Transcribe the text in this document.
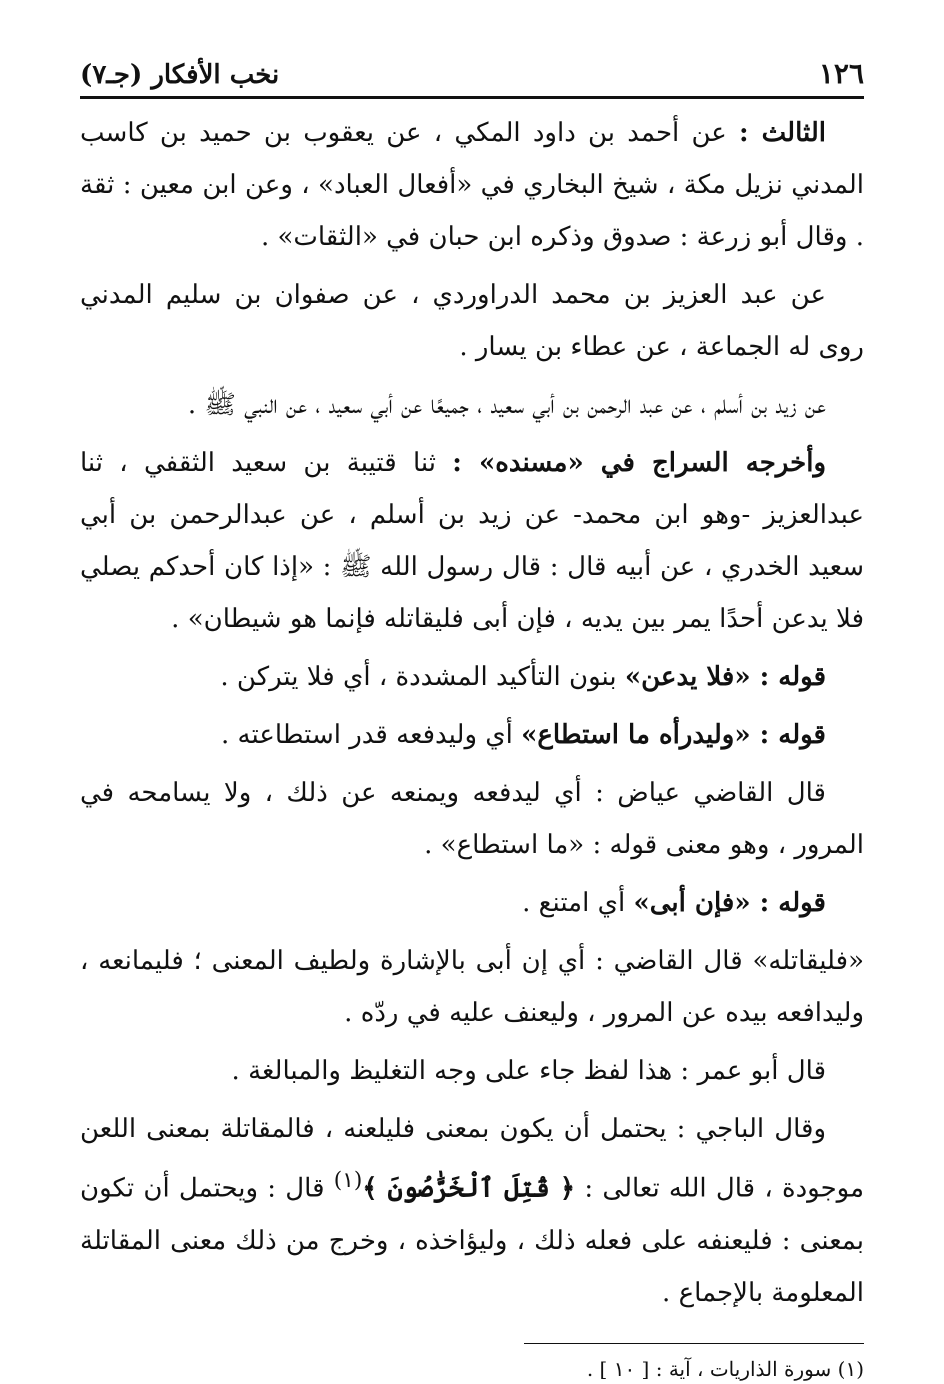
١٢٦
نخب الأفكار (جـ٧)

الثالث : عن أحمد بن داود المكي ، عن يعقوب بن حميد بن كاسب المدني نزيل مكة ، شيخ البخاري في «أفعال العباد» ، وعن ابن معين : ثقة . وقال أبو زرعة : صدوق وذكره ابن حبان في «الثقات» .

عن عبد العزيز بن محمد الدراوردي ، عن صفوان بن سليم المدني روى له الجماعة ، عن عطاء بن يسار .

عن زيد بن أسلم ، عن عبد الرحمن بن أبي سعيد ، جميعًا عن أبي سعيد ، عن النبي ﷺ .

وأخرجه السراج في «مسنده» : ثنا قتيبة بن سعيد الثقفي ، ثنا عبدالعزيز -وهو ابن محمد- عن زيد بن أسلم ، عن عبدالرحمن بن أبي سعيد الخدري ، عن أبيه قال : قال رسول الله ﷺ : «إذا كان أحدكم يصلي فلا يدعن أحدًا يمر بين يديه ، فإن أبى فليقاتله فإنما هو شيطان» .

قوله : «فلا يدعن» بنون التأكيد المشددة ، أي فلا يتركن .

قوله : «وليدرأه ما استطاع» أي وليدفعه قدر استطاعته .

قال القاضي عياض : أي ليدفعه ويمنعه عن ذلك ، ولا يسامحه في المرور ، وهو معنى قوله : «ما استطاع» .

قوله : «فإن أبى» أي امتنع .

«فليقاتله» قال القاضي : أي إن أبى بالإشارة ولطيف المعنى ؛ فليمانعه ، وليدافعه بيده عن المرور ، وليعنف عليه في ردّه .

قال أبو عمر : هذا لفظ جاء على وجه التغليظ والمبالغة .

وقال الباجي : يحتمل أن يكون بمعنى فليلعنه ، فالمقاتلة بمعنى اللعن موجودة ، قال الله تعالى : ﴿ قُتِلَ ٱلْخَرَّٰصُونَ ﴾$^{(١)}$ قال : ويحتمل أن تكون بمعنى : فليعنفه على فعله ذلك ، وليؤاخذه ، وخرج من ذلك معنى المقاتلة المعلومة بالإجماع .

(١) سورة الذاريات ، آية : [ ١٠ ] .
